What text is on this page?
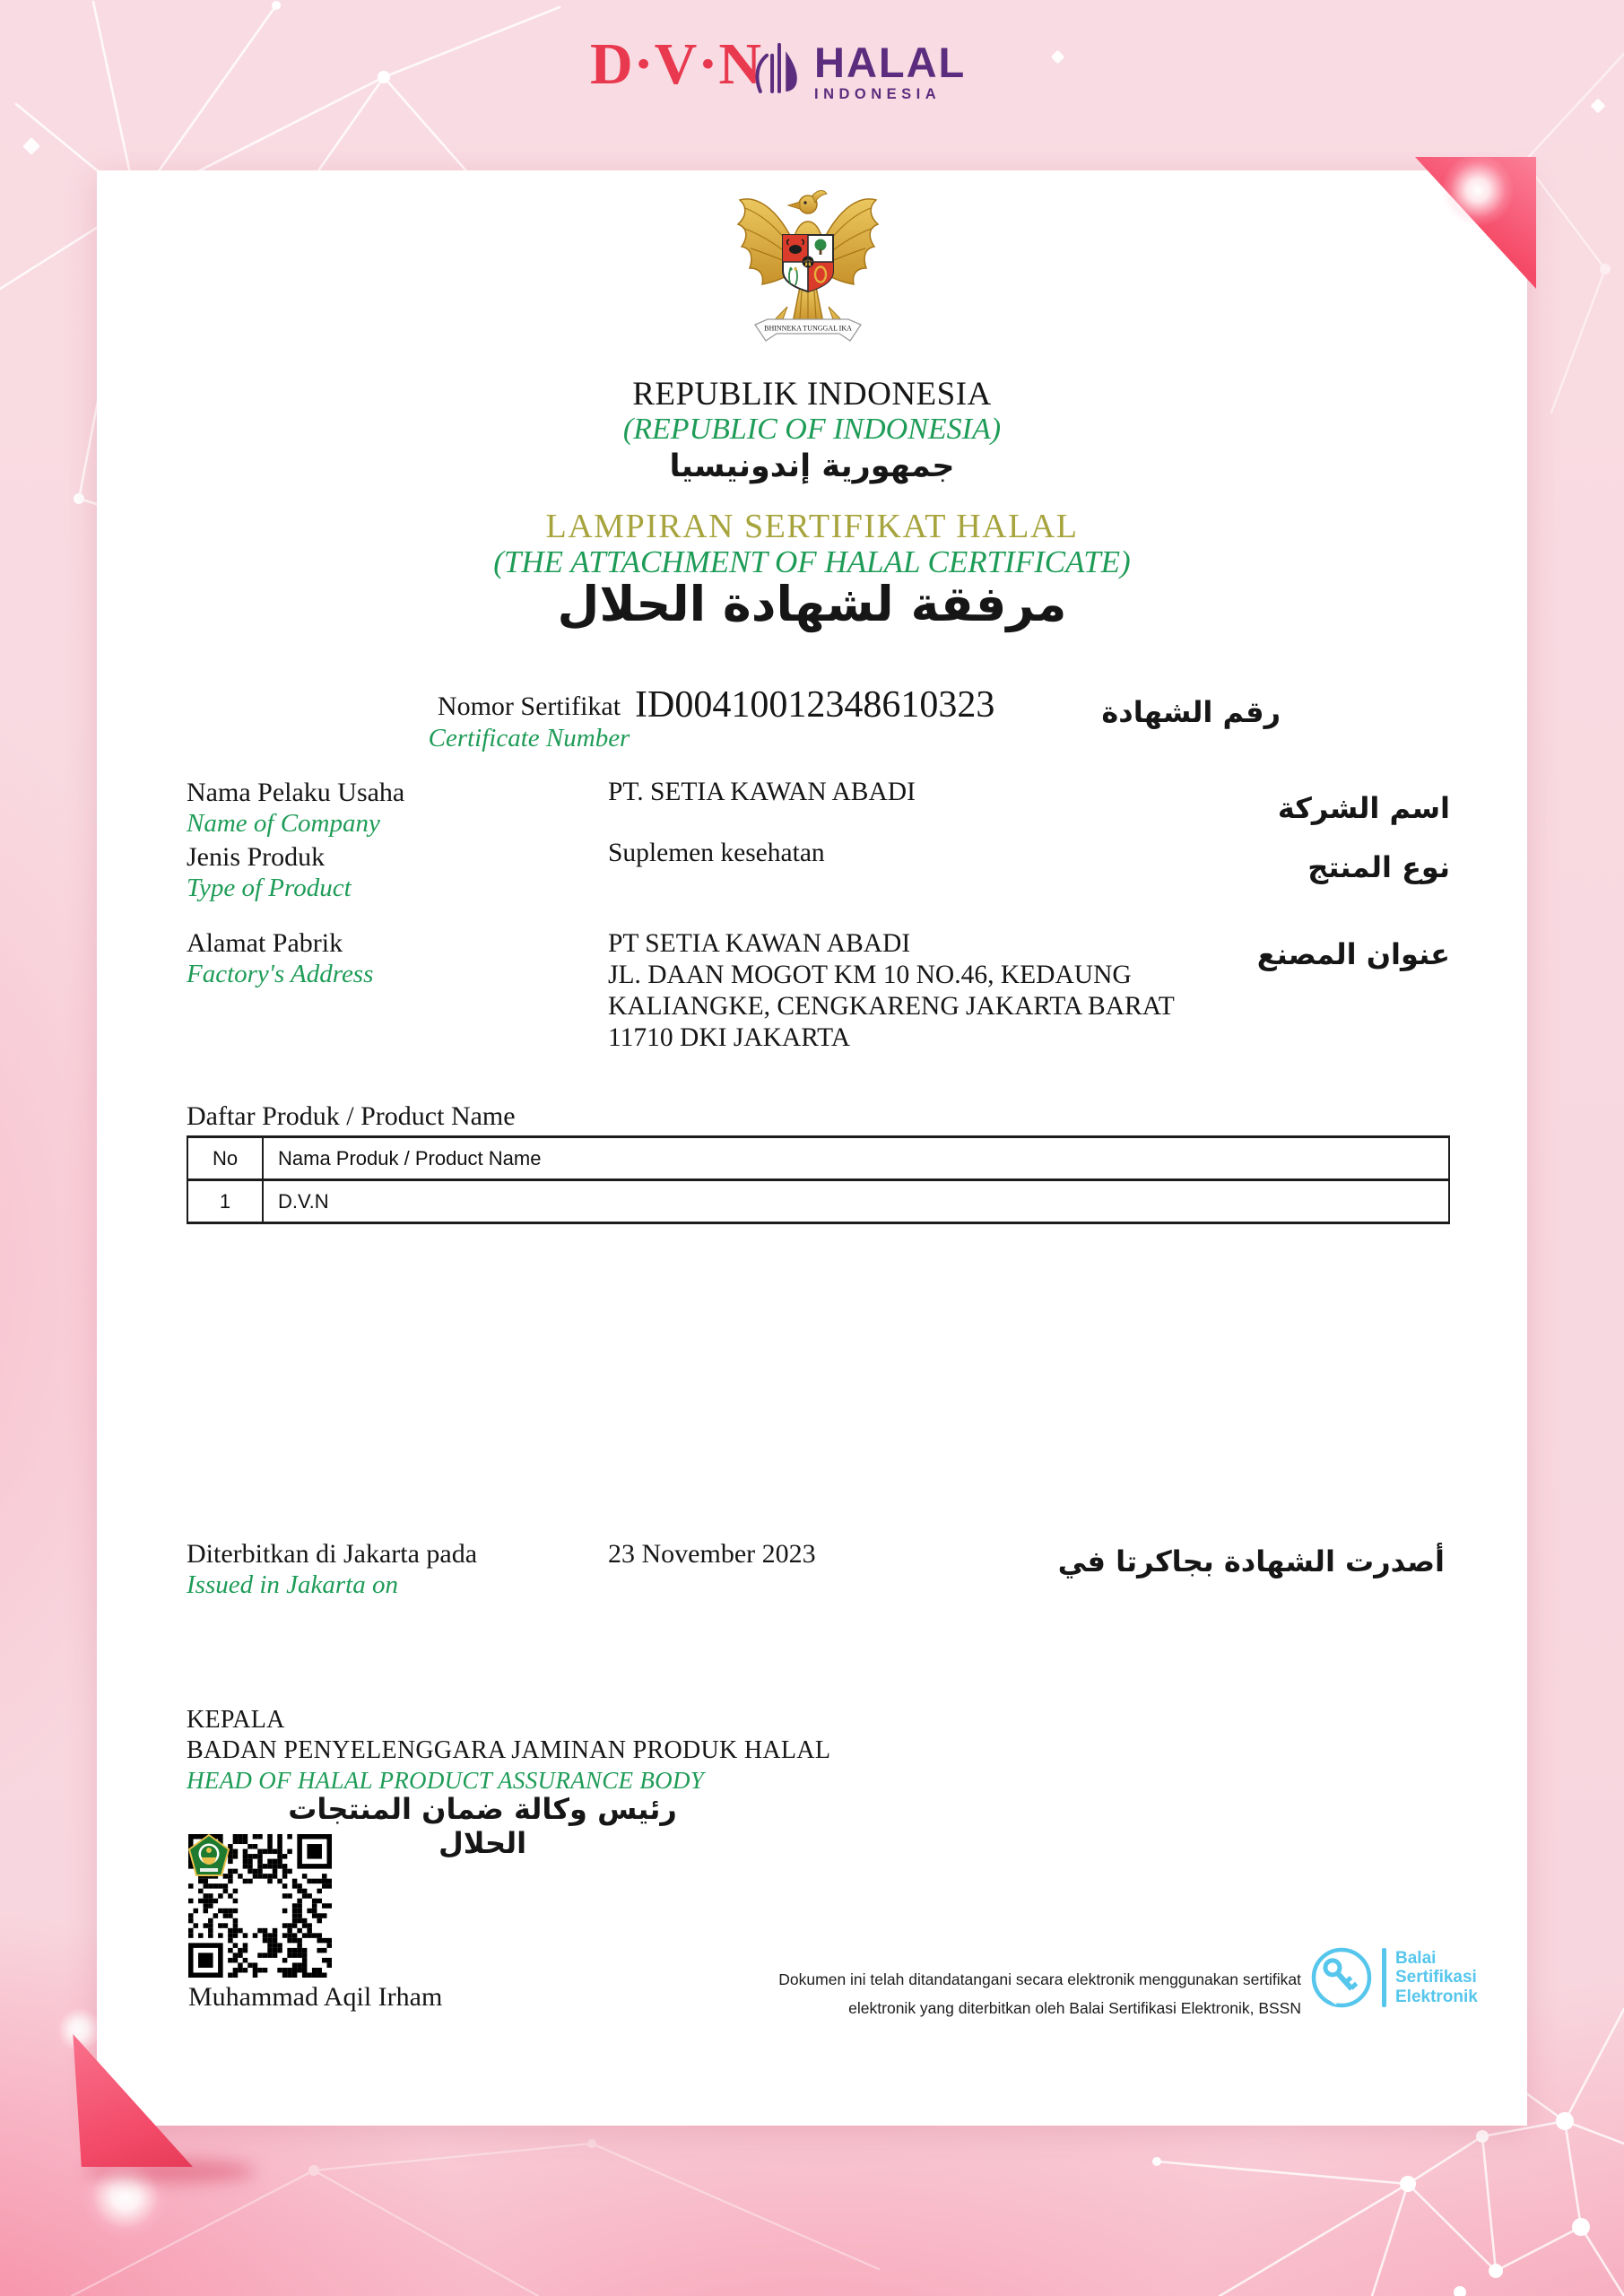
D·V·N HALAL
INDONESIA
BHINNEKA TUNGGAL IKA
REPUBLIK INDONESIA
(REPUBLIC OF INDONESIA)
جمهورية إندونيسيا
LAMPIRAN SERTIFIKAT HALAL
(THE ATTACHMENT OF HALAL CERTIFICATE)
مرفقة لشهادة الحلال
Nomor Sertifikat
Certificate Number
ID00410012348610323	رقم الشهادة
Nama Pelaku Usaha
Name of Company
PT. SETIA KAWAN ABADI	اسم الشركة
Jenis Produk
Type of Product
Suplemen kesehatan	نوع المنتج
Alamat Pabrik
Factory's Address
PT SETIA KAWAN ABADI
JL. DAAN MOGOT KM 10 NO.46, KEDAUNG
KALIANGKE, CENGKARENG JAKARTA BARAT
11710 DKI JAKARTA
عنوان المصنع
Daftar Produk / Product Name
No	Nama Produk / Product Name
1	D.V.N
Diterbitkan di Jakarta pada
Issued in Jakarta on
23 November 2023	أصدرت الشهادة بجاكرتا في
KEPALA
BADAN PENYELENGGARA JAMINAN PRODUK HALAL
HEAD OF HALAL PRODUCT ASSURANCE BODY
رئيس وكالة ضمان المنتجات الحلال
Muhammad Aqil Irham
Dokumen ini telah ditandatangani secara elektronik menggunakan sertifikat
elektronik yang diterbitkan oleh Balai Sertifikasi Elektronik, BSSN
Balai
Sertifikasi
Elektronik
